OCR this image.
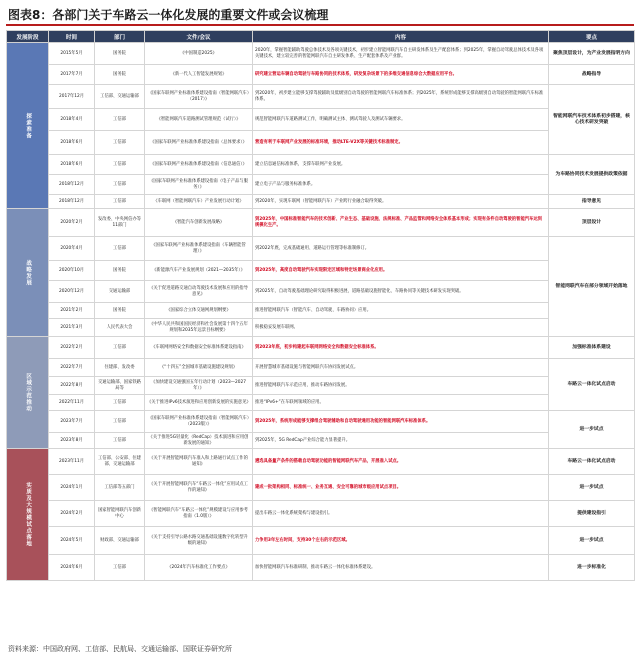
图表8：各部门关于车路云一体化发展的重要文件或会议梳理
发展阶段	时间	部门	文件/会议	内容	要点
探索准备	2015年5月	国务院	《中国制造2025》	2020年，掌握智能辅助驾驶总体技术及各项关键技术，初步建立智能网联汽车自主研发体系及生产配套体系；到2025年，掌握自动驾驶总体技术及各项关键技术，建立较完善的智能网联汽车自主研发体系、生产配套体系及产业群。	聚焦顶层设计，为产业发展指明方向
	2017年7月	国务院	《新一代人工智能发展规划》	研究建立营运车辆自动驾驶与车路协同的技术体系，研发复杂场景下的多维交通信息综合大数据应用平台。	战略指导
	2017年12月	工信部、交通运输部	《国家车联网产业标准体系建设指南（智能网联汽车）（2017）》	到2020年，初步建立能够支撑驾驶辅助及低级别自动驾驶的智能网联汽车标准体系；到2025年，系统形成能够支撑高级别自动驾驶的智能网联汽车标准体系。	智能网联汽车技术体系初步搭建，核心技术研发突破
	2018年4月	工信部	《智能网联汽车道路测试管理规范（试行）》	规范智能网联汽车道路测试工作，明确测试主体、测试驾驶人及测试车辆要求。	
	2018年6月	工信部	《国家车联网产业标准体系建设指南（总体要求）》	营造有利于车联网产业发展的标准环境，推动LTE-V2X等关键技术标准制定。	
	2018年6月	工信部	《国家车联网产业标准体系建设指南（信息通信）》	建立信息通信标准体系，支撑车联网产业发展。	为车路协同技术发展提供政策依据
	2018年12月	工信部	《国家车联网产业标准体系建设指南（电子产品与服务）》	建立电子产品与服务标准体系。	
	2018年12月	工信部	《车联网（智能网联汽车）产业发展行动计划》	到2020年，实现车联网（智能网联汽车）产业跨行业融合取得突破。	指导意见
战略发展	2020年2月	发改委、中央网信办等11部门	《智能汽车创新发展战略》	到2025年，中国标准智能汽车的技术创新、产业生态、基础设施、法规标准、产品监管和网络安全体系基本形成；实现有条件自动驾驶的智能汽车达到规模化生产。	顶层设计
	2020年4月	工信部	《国家车联网产业标准体系建设指南（车辆智能管理）》	到2022年底，完成基础通用、道路运行管理等标准制修订。	智能网联汽车在部分领域开始落地
	2020年10月	国务院	《新能源汽车产业发展规划（2021—2035年）》	到2025年，高度自动驾驶汽车实现限定区域和特定场景商业化应用。	
	2020年12月	交通运输部	《关于促进道路交通自动驾驶技术发展和应用的指导意见》	到2025年，自动驾驶基础理论研究取得积极进展，道路基础设施智能化、车路协同等关键技术研发实现突破。	
	2021年2月	国务院	《国家综合立体交通网规划纲要》	推进智能网联汽车（智能汽车、自动驾驶、车路协同）应用。	
	2021年3月	人民代表大会	《中华人民共和国国民经济和社会发展第十四个五年规划和2035年远景目标纲要》	积极稳妥发展车联网。	
区域示范推动	2022年2月	工信部	《车联网网络安全和数据安全标准体系建设指南》	到2023年底，初步构建起车联网网络安全和数据安全标准体系。	加强标准体系建设
	2022年7月	住建部、发改委	《“十四五”全国城市基础设施建设规划》	开展智慧城市基础设施与智能网联汽车协同发展试点。	车路云一体化试点启动
	2022年8月	交通运输部、国家铁路局等	《加快建设交通强国五年行动计划（2023—2027年）》	推进智能网联汽车示范应用，推动车路协同发展。	
	2022年11月	工信部	《关于推进IPv6技术演进和应用创新发展的实施意见》	推进“IPv6+”在车联网领域的应用。	
	2023年7月	工信部	《国家车联网产业标准体系建设指南（智能网联汽车）（2023版）》	到2025年，系统形成能够支撑组合驾驶辅助和自动驾驶通用功能的智能网联汽车标准体系。	进一步试点
	2023年8月	工信部	《关于推进5G轻量化（RedCap）技术演进和应用创新发展的通知》	到2025年，5G RedCap产业综合能力显著提升。	
实质及大规模试点落地	2023年11月	工信部、公安部、住建部、交通运输部	《关于开展智能网联汽车准入和上路通行试点工作的通知》	遴选具备量产条件的搭载自动驾驶功能的智能网联汽车产品，开展准入试点。	车路云一体化试点启动
	2024年1月	工信部等五部门	《关于开展智能网联汽车“车路云一体化”应用试点工作的通知》	建成一批架构相同、标准统一、业务互通、安全可靠的城市级应用试点项目。	进一步试点
	2024年2月	国家智能网联汽车创新中心	《智能网联汽车“车路云一体化”规模建设与应用参考指南（1.0版）》	提出车路云一体化系统架构与建设指引。	提供建设指引
	2024年5月	财政部、交通运输部	《关于支持引导公路水路交通基础设施数字化转型升级的通知》	力争用3年左右时间，支持30个左右的示范区域。	进一步试点
	2024年6月	工信部	《2024年汽车标准化工作要点》	加快智能网联汽车标准研制，推动车路云一体化标准体系建设。	进一步标准化
资料来源：中国政府网、工信部、民航局、交通运输部、国联证券研究所
